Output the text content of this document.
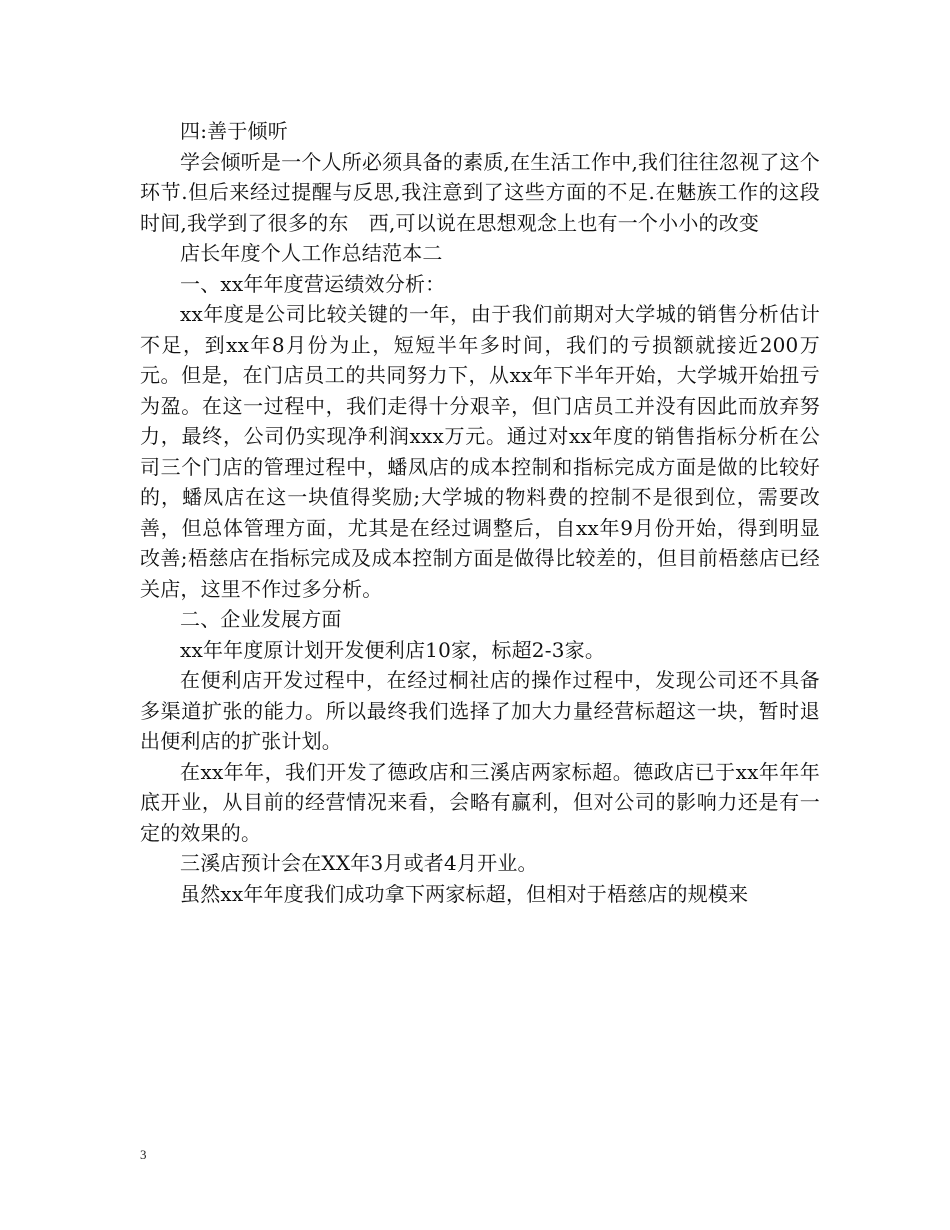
四:善于倾听

学会倾听是一个人所必须具备的素质,在生活工作中,我们往往忽视了这个环节.但后来经过提醒与反思,我注意到了这些方面的不足.在魅族工作的这段时间,我学到了很多的东　西,可以说在思想观念上也有一个小小的改变

店长年度个人工作总结范本二

一、xx年年度营运绩效分析：

xx年度是公司比较关键的一年，由于我们前期对大学城的销售分析估计不足，到xx年8月份为止，短短半年多时间，我们的亏损额就接近200万元。但是，在门店员工的共同努力下，从xx年下半年开始，大学城开始扭亏为盈。在这一过程中，我们走得十分艰辛，但门店员工并没有因此而放弃努力，最终，公司仍实现净利润xxx万元。通过对xx年度的销售指标分析在公司三个门店的管理过程中，蟠凤店的成本控制和指标完成方面是做的比较好的，蟠凤店在这一块值得奖励;大学城的物料费的控制不是很到位，需要改善，但总体管理方面，尤其是在经过调整后，自xx年9月份开始，得到明显改善;梧慈店在指标完成及成本控制方面是做得比较差的，但目前梧慈店已经关店，这里不作过多分析。

二、企业发展方面

xx年年度原计划开发便利店10家，标超2-3家。

在便利店开发过程中，在经过桐社店的操作过程中，发现公司还不具备多渠道扩张的能力。所以最终我们选择了加大力量经营标超这一块，暂时退出便利店的扩张计划。

在xx年年，我们开发了德政店和三溪店两家标超。德政店已于xx年年年底开业，从目前的经营情况来看，会略有赢利，但对公司的影响力还是有一定的效果的。

三溪店预计会在XX年3月或者4月开业。

虽然xx年年度我们成功拿下两家标超，但相对于梧慈店的规模来

3
